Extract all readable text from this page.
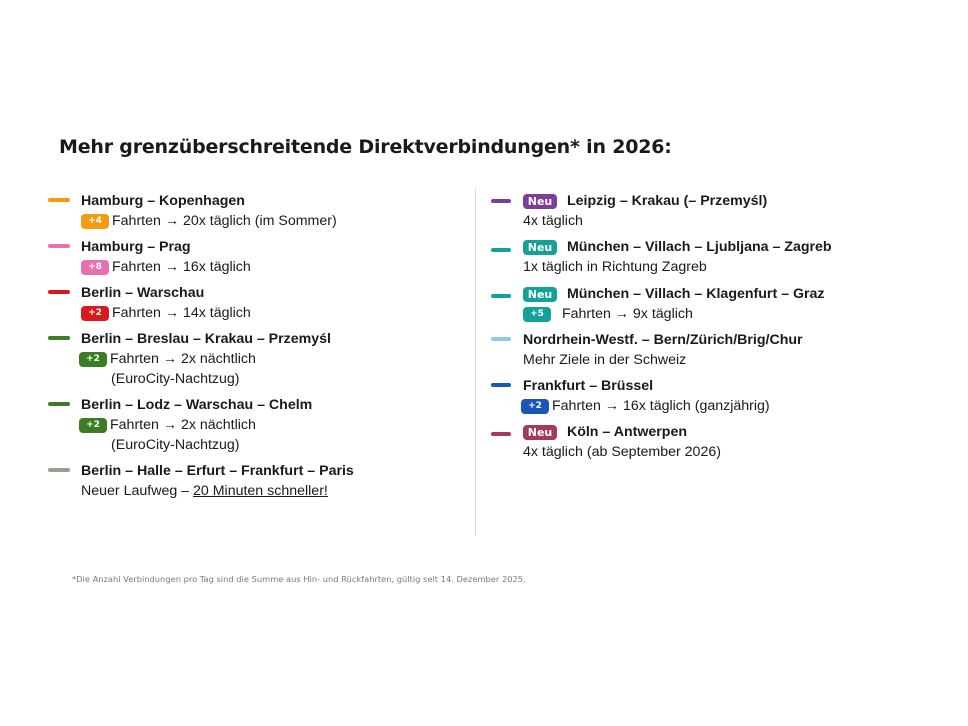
Mehr grenzüberschreitende Direktverbindungen* in 2026:
Hamburg – Kopenhagen
+4 Fahrten → 20x täglich (im Sommer)
Hamburg – Prag
+8 Fahrten → 16x täglich
Berlin – Warschau
+2 Fahrten → 14x täglich
Berlin – Breslau – Krakau – Przemyśl
+2 Fahrten → 2x nächtlich
(EuroCity-Nachtzug)
Berlin – Lodz – Warschau – Chelm
+2 Fahrten → 2x nächtlich
(EuroCity-Nachtzug)
Berlin – Halle – Erfurt – Frankfurt – Paris
Neuer Laufweg – 20 Minuten schneller!
Neu Leipzig – Krakau (– Przemyśl)
4x täglich
Neu München – Villach – Ljubljana – Zagreb
1x täglich in Richtung Zagreb
Neu München – Villach – Klagenfurt – Graz
+5 Fahrten → 9x täglich
Nordrhein-Westf. – Bern/Zürich/Brig/Chur
Mehr Ziele in der Schweiz
Frankfurt – Brüssel
+2 Fahrten → 16x täglich (ganzjährig)
Neu Köln – Antwerpen
4x täglich (ab September 2026)
*Die Anzahl Verbindungen pro Tag sind die Summe aus Hin- und Rückfahrten, gültig seit 14. Dezember 2025.
